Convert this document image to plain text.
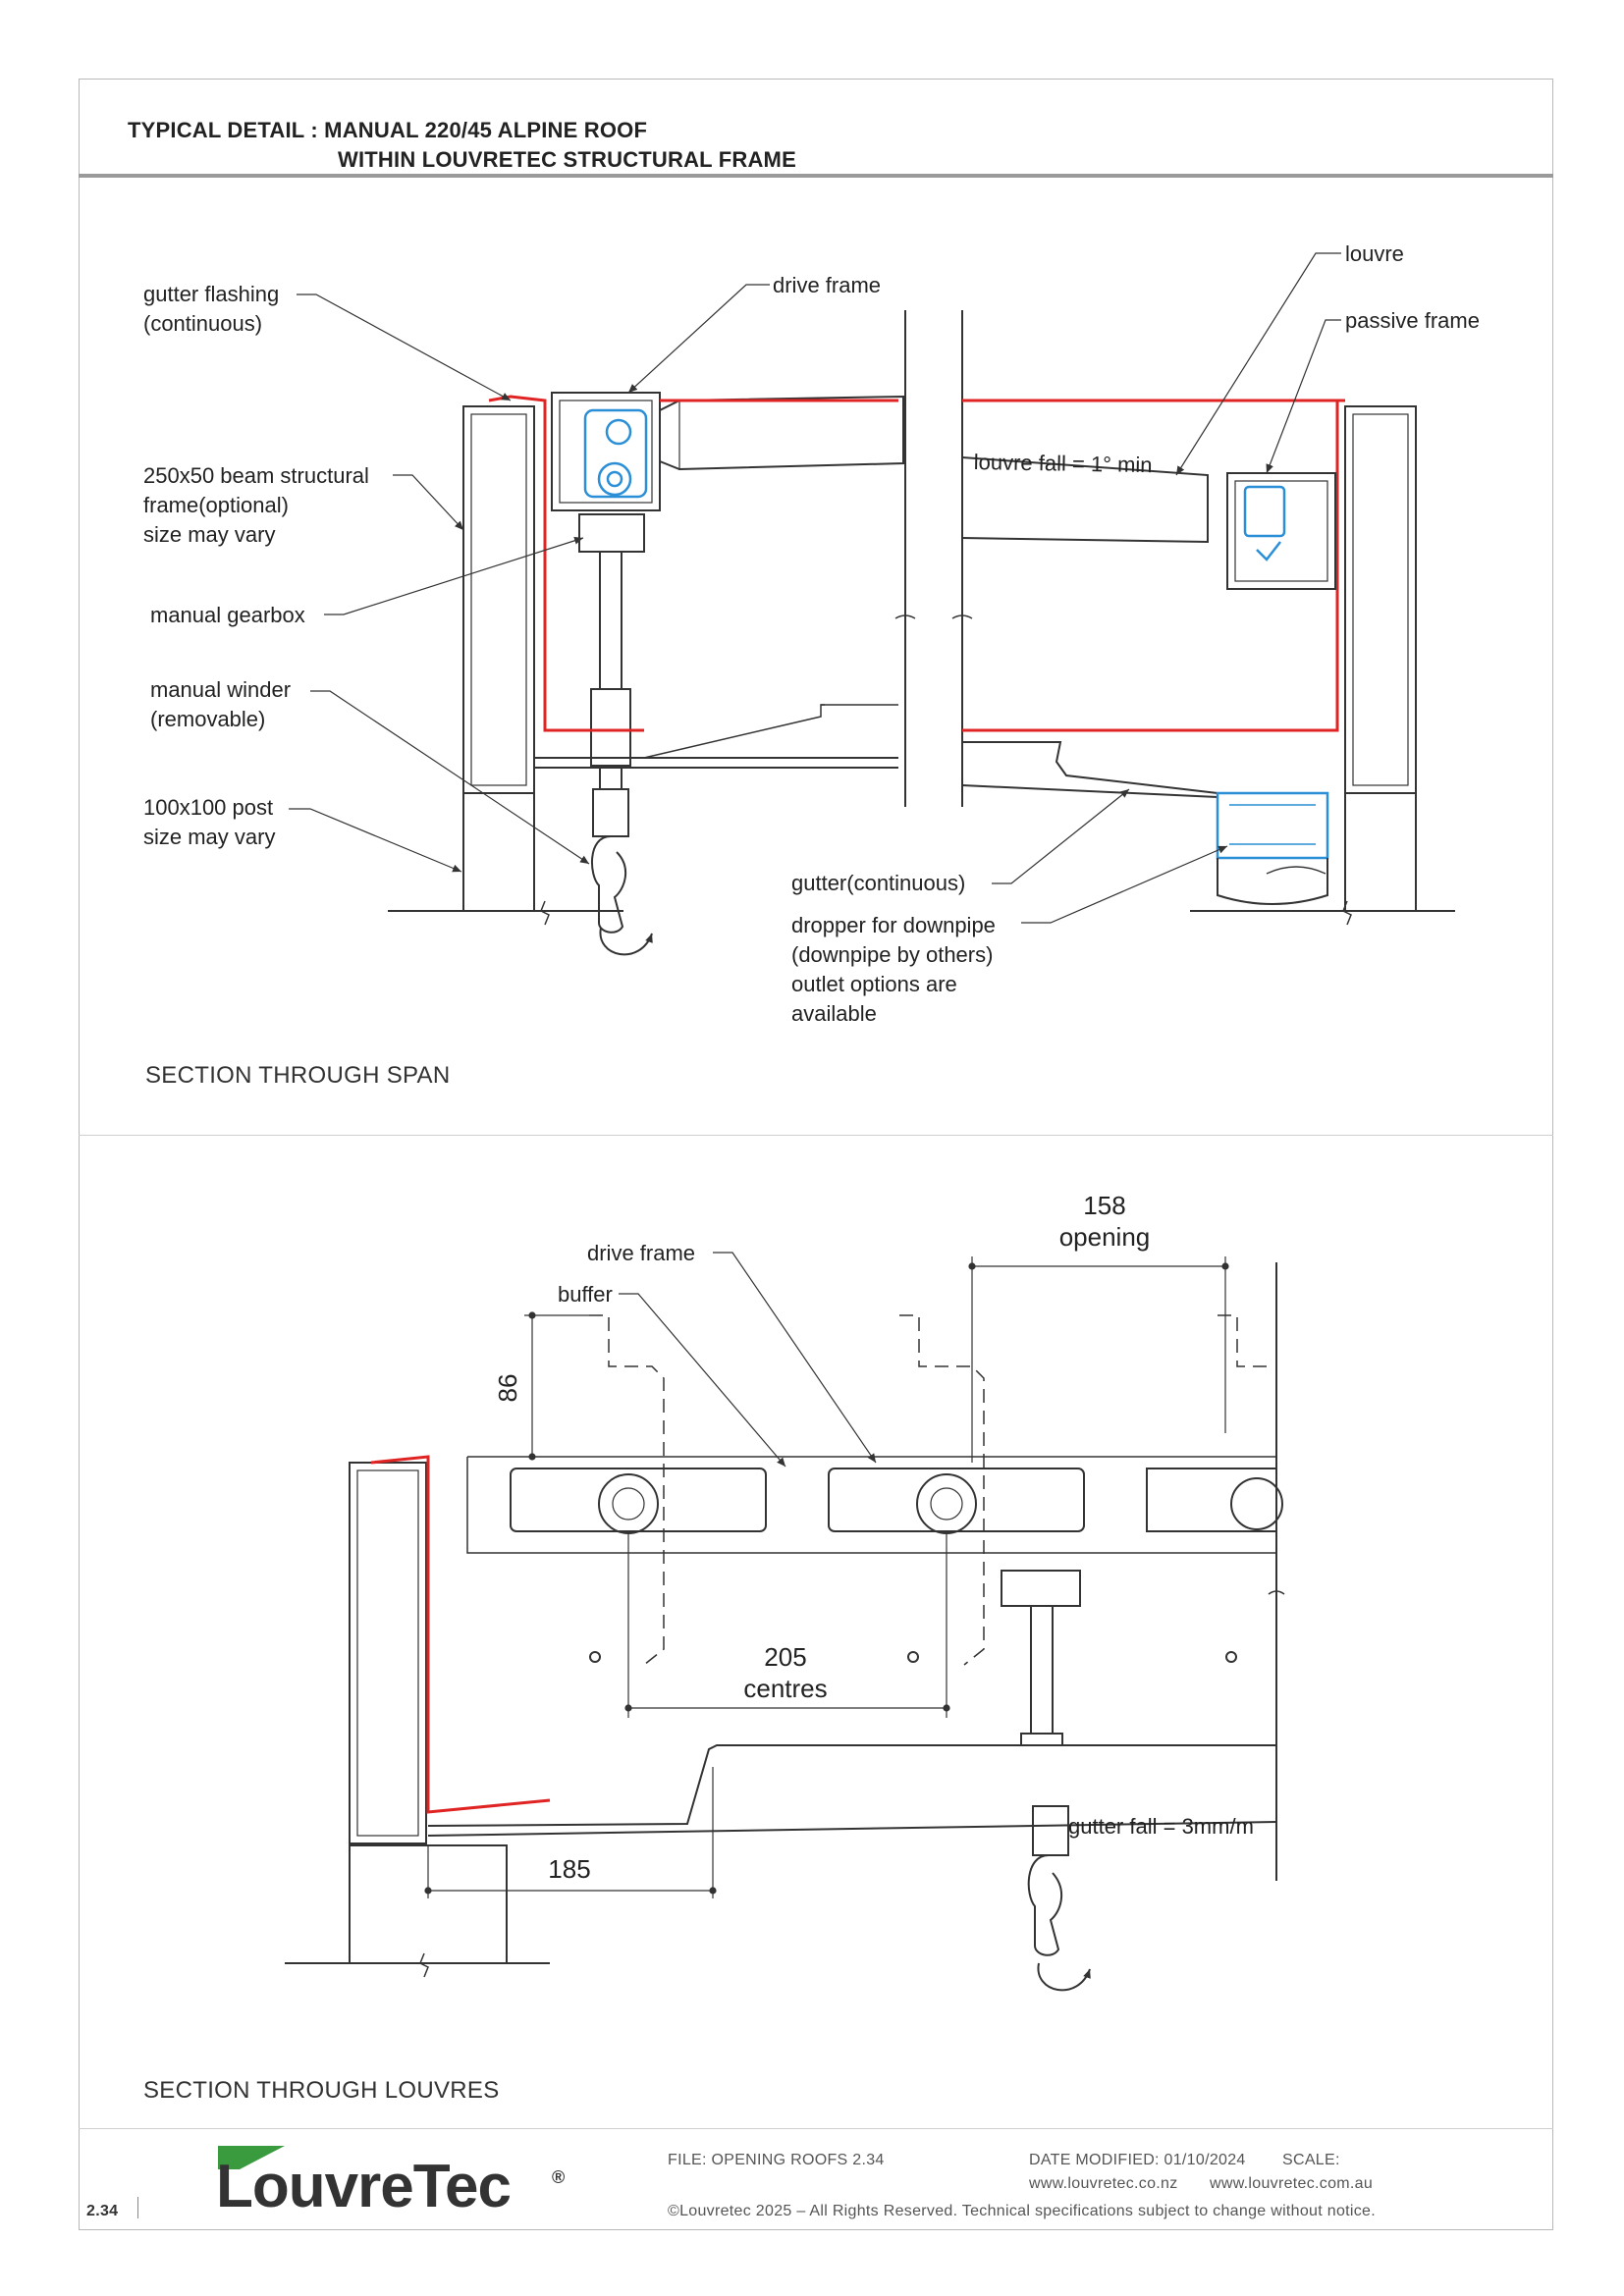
TYPICAL DETAIL : MANUAL 220/45 ALPINE ROOF
WITHIN LOUVRETEC STRUCTURAL FRAME
gutter flashing
(continuous)
drive frame
louvre
passive frame
250x50 beam structural
frame(optional)
size may vary
louvre fall = 1° min
manual gearbox
manual winder
(removable)
100x100 post
size may vary
gutter(continuous)
dropper for downpipe
(downpipe by others)
outlet options are
available
SECTION THROUGH SPAN
158
opening
drive frame
buffer
86
205
centres
gutter fall = 3mm/m
185
SECTION THROUGH LOUVRES
LouvreTec ®
2.34
FILE: OPENING ROOFS 2.34	DATE MODIFIED: 01/10/2024 SCALE:
www.louvretec.co.nz www.louvretec.com.au
©Louvretec 2025 – All Rights Reserved. Technical specifications subject to change without notice.
